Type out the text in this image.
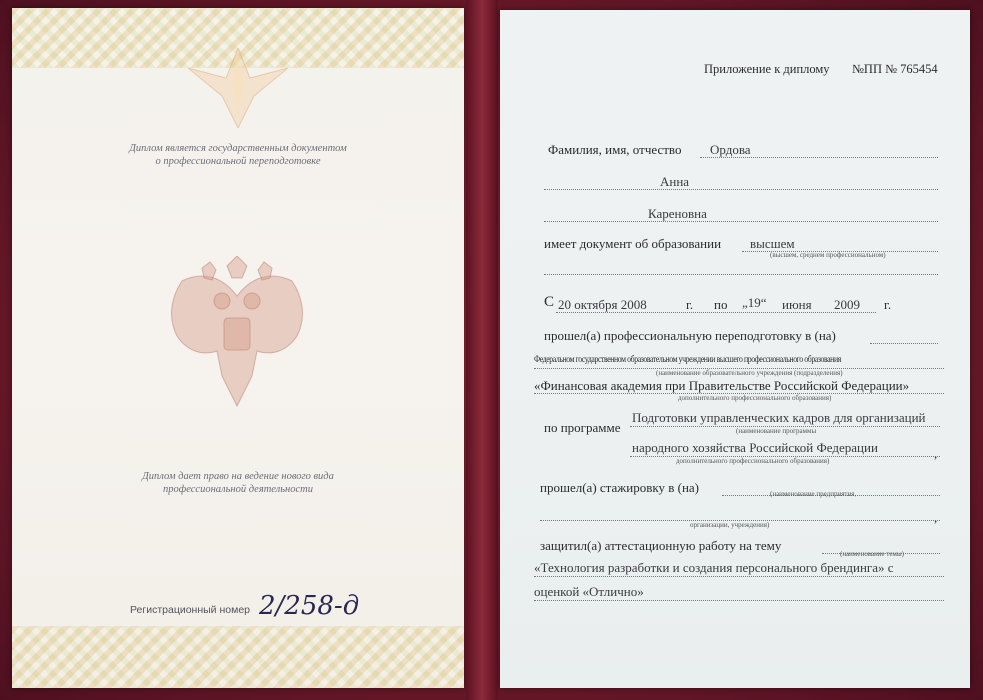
Диплом является государственным документом
о профессиональной переподготовке
Диплом дает право на ведение нового вида
профессиональной деятельности
Регистрационный номер 2/258-д
Приложение к диплому №ПП № 765454
Фамилия, имя, отчество Ордова
Анна
Кареновна
имеет документ об образовании высшем
(высшем, среднем профессиональном)
С 20 октября 2008	г. по „19“ июня 2009 г.
прошел(а) профессиональную переподготовку в (на)
Федеральном государственном образовательном учреждении высшего профессионального образования
(наименование образовательного учреждения (подразделения)
«Финансовая академия при Правительстве Российской Федерации»
дополнительного профессионального образования)
по программе
Подготовки управленческих кадров для организаций
(наименование программы
народного хозяйства Российской Федерации	,
дополнительного профессионального образования)
прошел(а) стажировку в (на)	(наименование предприятия,
,
организации, учреждения)
защитил(а) аттестационную работу на тему
(наименование темы)
«Технология разработки и создания персонального брендинга» с
оценкой «Отлично»
